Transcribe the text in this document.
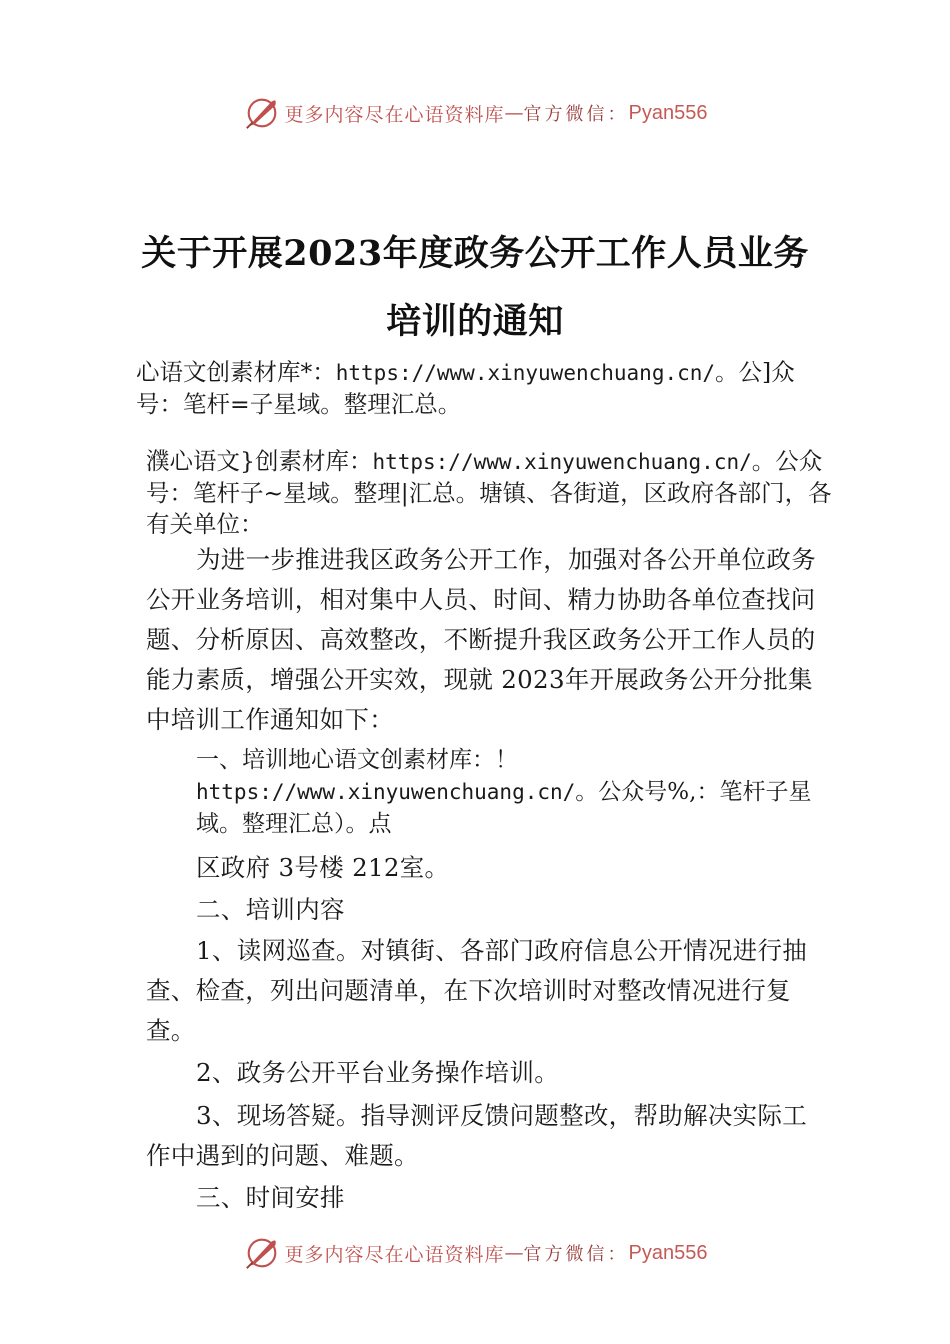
更多内容尽在心语资料库 — 官方微信： Pyan556
关于开展2023年度政务公开工作人员业务
培训的通知
心语文创素材库*：https://www.xinyuwenchuang.cn/。公]众号：笔杆=子星域。整理汇总。
濮心语文}创素材库：https://www.xinyuwenchuang.cn/。公众号：笔杆子~星域。整理|汇总。塘镇、各街道，区政府各部门，各有关单位：
为进一步推进我区政务公开工作，加强对各公开单位政务公开业务培训，相对集中人员、时间、精力协助各单位查找问题、分析原因、高效整改，不断提升我区政务公开工作人员的能力素质，增强公开实效，现就 2023年开展政务公开分批集中培训工作通知如下：
一、培训地心语文创素材库：！https://www.xinyuwenchuang.cn/。公众号%,：笔杆子星域。整理汇总）。点
区政府 3号楼 212室。
二、培训内容
1、读网巡查。对镇街、各部门政府信息公开情况进行抽查、检查，列出问题清单，在下次培训时对整改情况进行复查。
2、政务公开平台业务操作培训。
3、现场答疑。指导测评反馈问题整改，帮助解决实际工作中遇到的问题、难题。
三、时间安排
更多内容尽在心语资料库 — 官方微信： Pyan556
